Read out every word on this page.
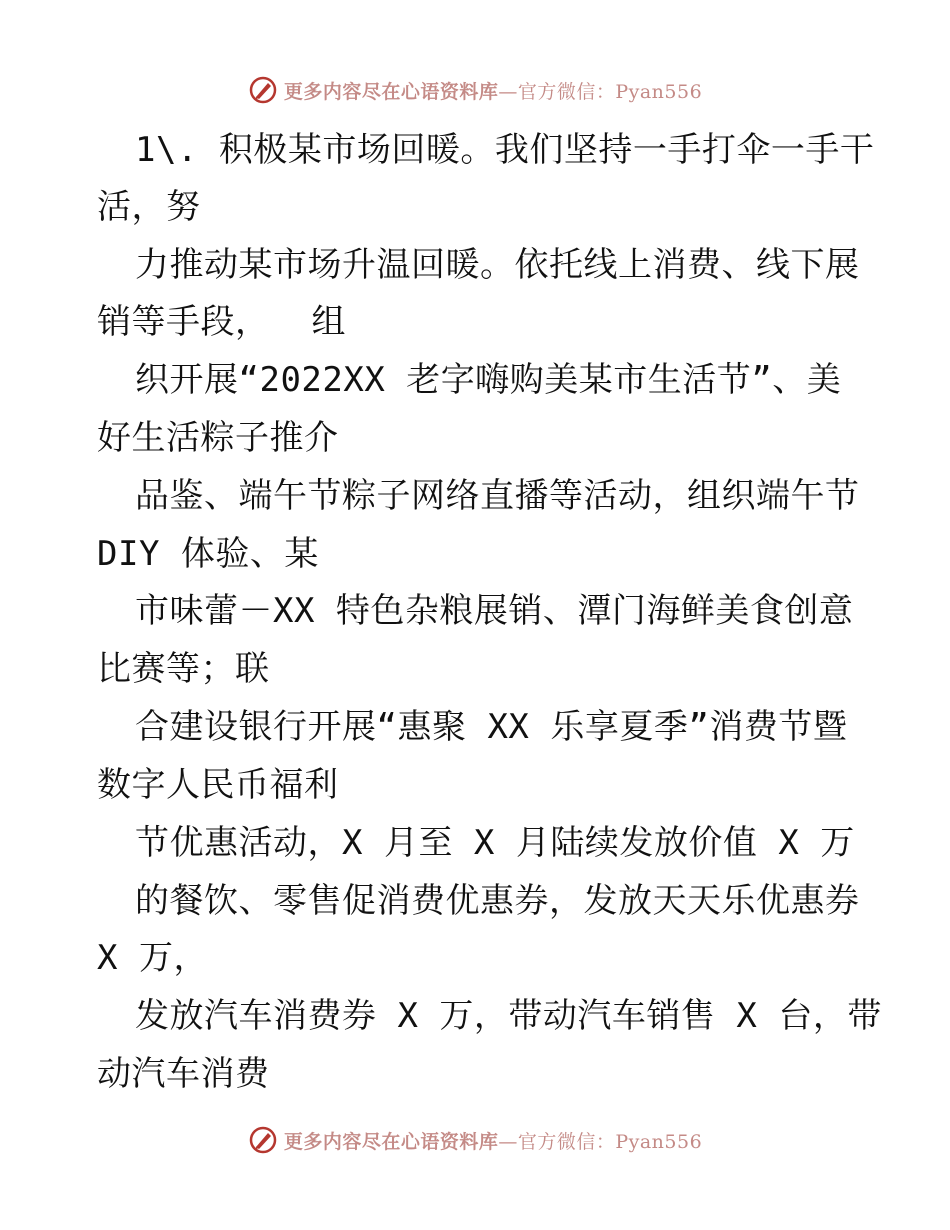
更多内容尽在心语资料库—官方微信：Pyan556
1\. 积极某市场回暖。我们坚持一手打伞一手干
活，努
力推动某市场升温回暖。依托线上消费、线下展
销等手段，  组
织开展“2022XX 老字嗨购美某市生活节”、美
好生活粽子推介
品鉴、端午节粽子网络直播等活动，组织端午节
DIY 体验、某
市味蕾－XX 特色杂粮展销、潭门海鲜美食创意
比赛等；联
合建设银行开展“惠聚 XX 乐享夏季”消费节暨
数字人民币福利
节优惠活动，X 月至 X 月陆续发放价值 X 万
的餐饮、零售促消费优惠券，发放天天乐优惠券
X 万，
发放汽车消费券 X 万，带动汽车销售 X 台，带
动汽车消费
更多内容尽在心语资料库—官方微信：Pyan556
